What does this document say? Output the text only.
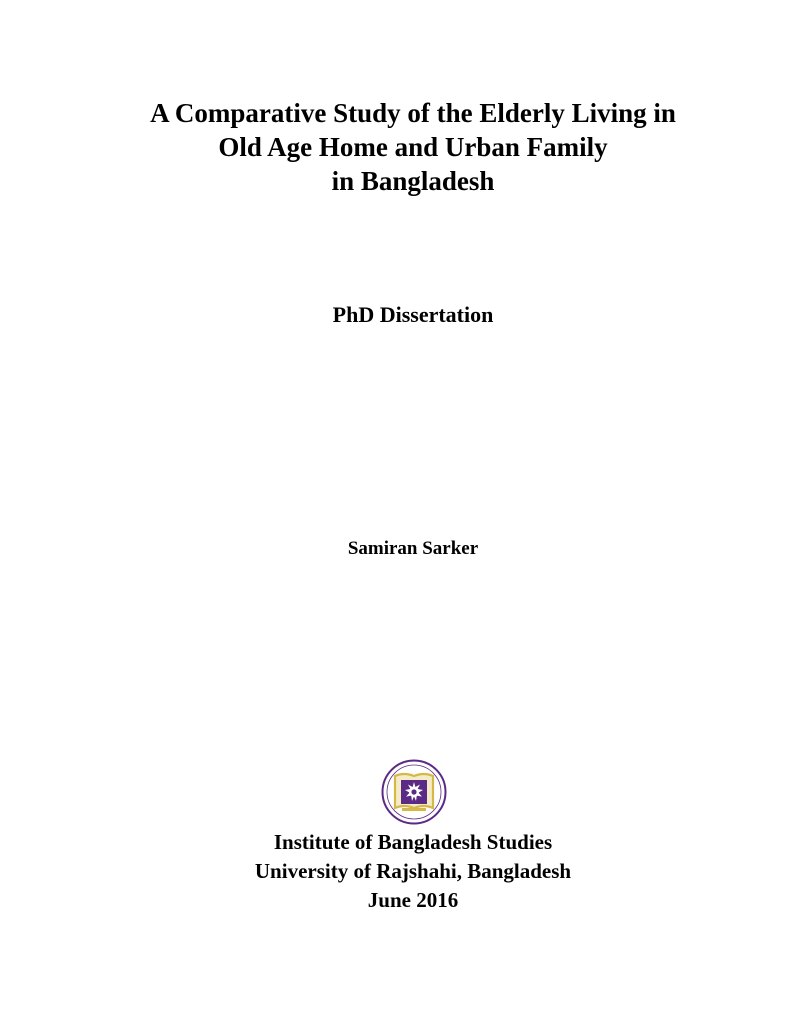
A Comparative Study of the Elderly Living in
Old Age Home and Urban Family
in Bangladesh
PhD Dissertation
Samiran Sarker
Institute of Bangladesh Studies
University of Rajshahi, Bangladesh
June 2016
